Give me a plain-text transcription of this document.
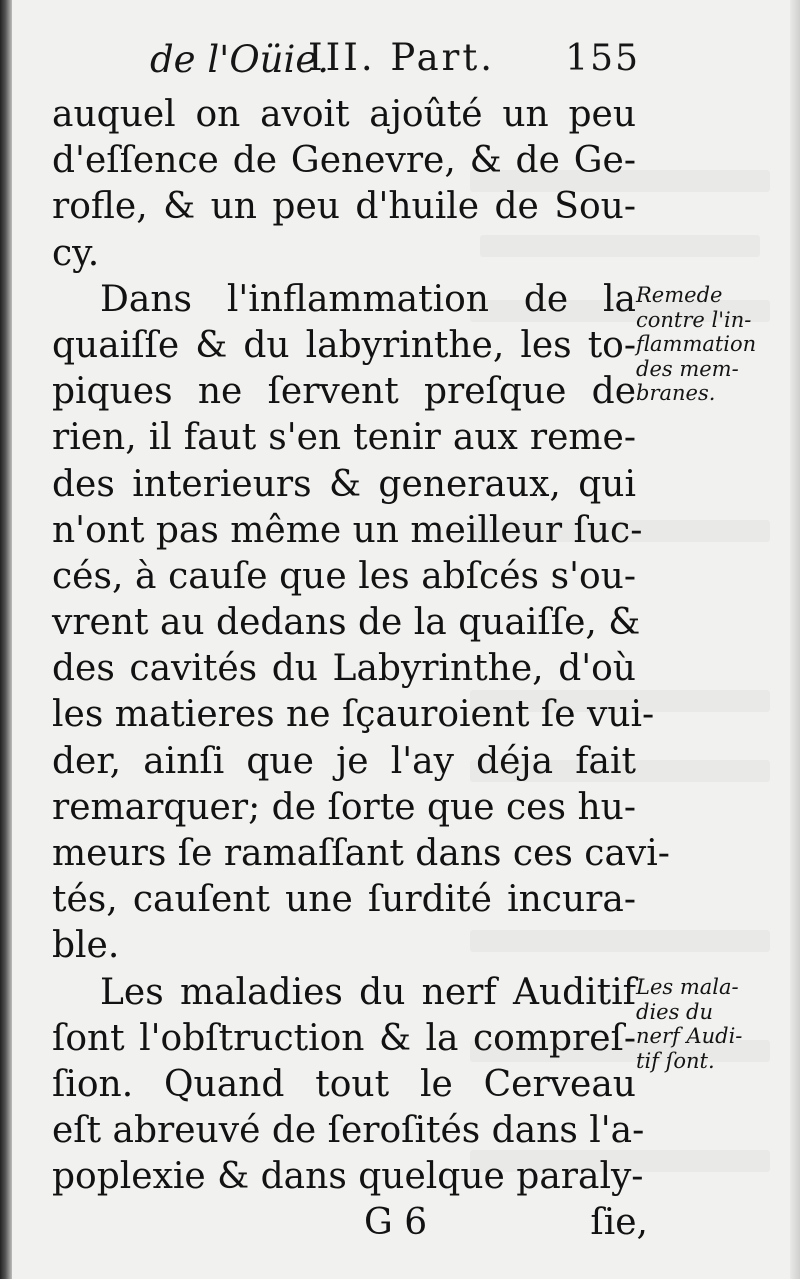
de l'Oüie.
III. Part. 155
auquel on avoit ajoûté un peu
d'eſſence de Genevre, & de Ge-
rofle, & un peu d'huile de Sou-
cy.
Dans l'inflammation de la
quaiſſe & du labyrinthe, les to-
piques ne ſervent preſque de
rien, il faut s'en tenir aux reme-
des interieurs & generaux, qui
n'ont pas même un meilleur ſuc-
cés, à cauſe que les abſcés s'ou-
vrent au dedans de la quaiſſe, &
des cavités du Labyrinthe, d'où
les matieres ne ſçauroient ſe vui-
der, ainſi que je l'ay déja fait
remarquer; de ſorte que ces hu-
meurs ſe ramaſſant dans ces cavi-
tés, cauſent une ſurdité incura-
ble.
Les maladies du nerf Auditif
ſont l'obſtruction & la compreſ-
ſion. Quand tout le Cerveau
eſt abreuvé de ſeroſités dans l'a-
poplexie & dans quelque paraly-
Remede
contre l'in-
flammation
des mem-
branes.
Les mala-
dies du
nerf Audi-
tif ſont.
G 6	ſie,
